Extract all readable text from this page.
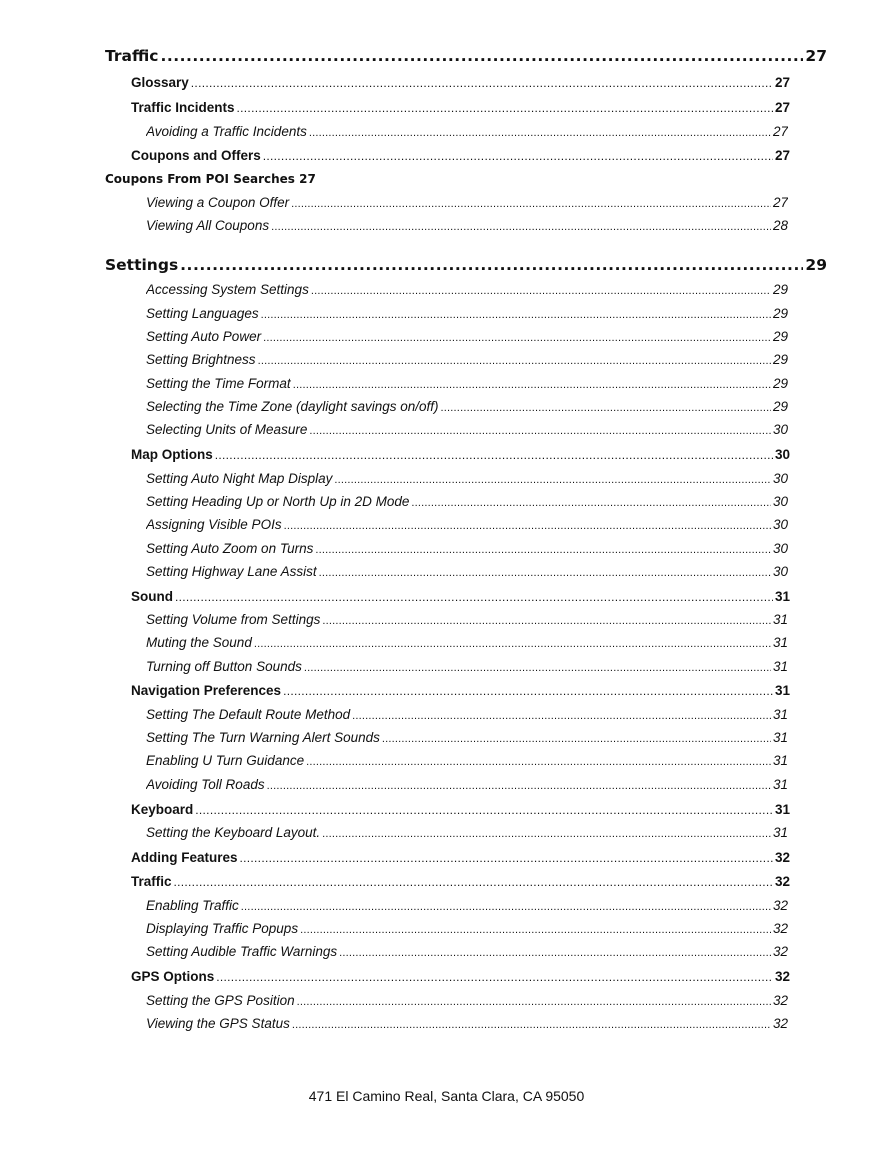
Traffic .....	27
Glossary .....	27
Traffic Incidents .....	27
Avoiding a Traffic Incidents .....	27
Coupons and Offers .....	27
Coupons From POI Searches 27
Viewing a Coupon Offer .....	27
Viewing All Coupons .....	28
Settings .....	29
Accessing System Settings .....	29
Setting Languages .....	29
Setting Auto Power .....	29
Setting Brightness .....	29
Setting the Time Format .....	29
Selecting the Time Zone (daylight savings on/off) .....	29
Selecting Units of Measure .....	30
Map Options .....	30
Setting Auto Night Map Display .....	30
Setting Heading Up or North Up in 2D Mode .....	30
Assigning Visible POIs .....	30
Setting Auto Zoom on Turns .....	30
Setting Highway Lane Assist .....	30
Sound .....	31
Setting Volume from Settings .....	31
Muting the Sound .....	31
Turning off Button Sounds .....	31
Navigation Preferences .....	31
Setting The Default Route Method .....	31
Setting The Turn Warning Alert Sounds .....	31
Enabling U Turn Guidance .....	31
Avoiding Toll Roads .....	31
Keyboard .....	31
Setting the Keyboard Layout. .....	31
Adding Features .....	32
Traffic .....	32
Enabling Traffic .....	32
Displaying Traffic Popups .....	32
Setting Audible Traffic Warnings .....	32
GPS Options .....	32
Setting the GPS Position .....	32
Viewing the GPS Status .....	32
471 El Camino Real, Santa Clara, CA 95050
